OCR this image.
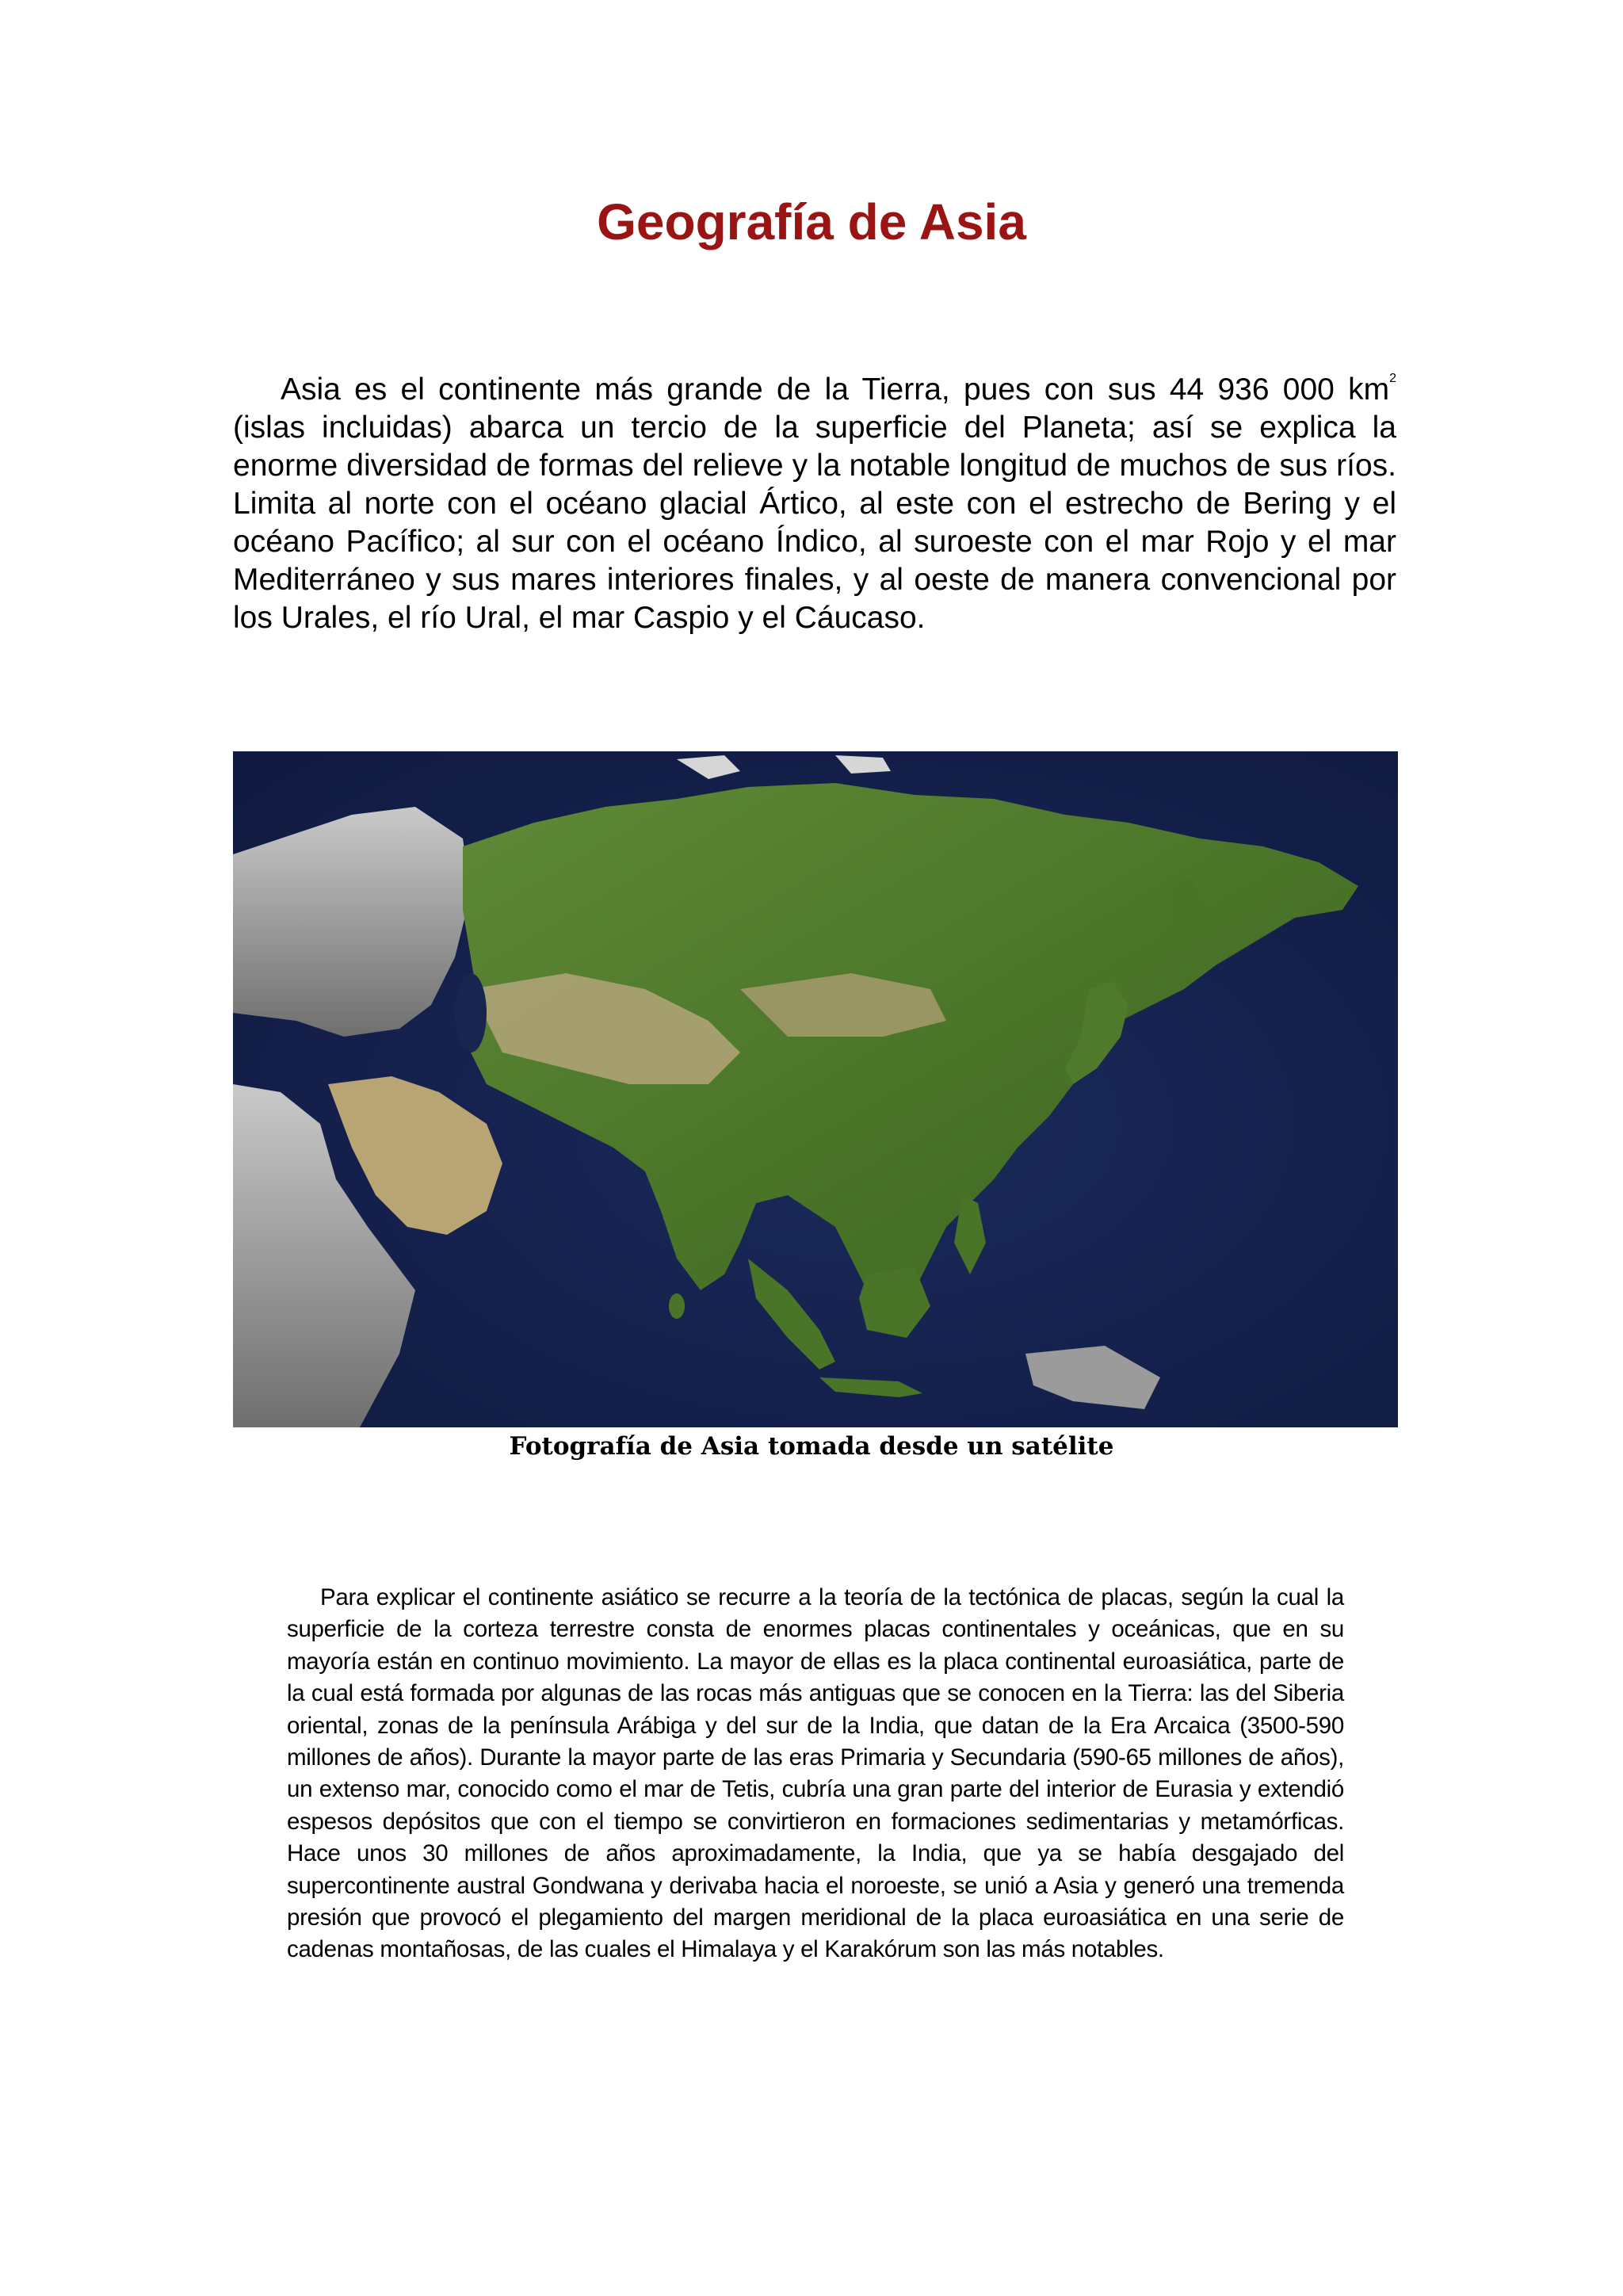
Geografía de Asia

Asia es el continente más grande de la Tierra, pues con sus 44 936 000 $km^2$ (islas incluidas) abarca un tercio de la superficie del Planeta; así se explica la enorme diversidad de formas del relieve y la notable longitud de muchos de sus ríos. Limita al norte con el océano glacial Ártico, al este con el estrecho de Bering y el océano Pacífico; al sur con el océano Índico, al suroeste con el mar Rojo y el mar Mediterráneo y sus mares interiores finales, y al oeste de manera convencional por los Urales, el río Ural, el mar Caspio y el Cáucaso.

Fotografía de Asia tomada desde un satélite

Para explicar el continente asiático se recurre a la teoría de la tectónica de placas, según la cual la superficie de la corteza terrestre consta de enormes placas continentales y oceánicas, que en su mayoría están en continuo movimiento. La mayor de ellas es la placa continental euroasiática, parte de la cual está formada por algunas de las rocas más antiguas que se conocen en la Tierra: las del Siberia oriental, zonas de la península Arábiga y del sur de la India, que datan de la Era Arcaica (3500-590 millones de años). Durante la mayor parte de las eras Primaria y Secundaria (590-65 millones de años), un extenso mar, conocido como el mar de Tetis, cubría una gran parte del interior de Eurasia y extendió espesos depósitos que con el tiempo se convirtieron en formaciones sedimentarias y metamórficas. Hace unos 30 millones de años aproximadamente, la India, que ya se había desgajado del supercontinente austral Gondwana y derivaba hacia el noroeste, se unió a Asia y generó una tremenda presión que provocó el plegamiento del margen meridional de la placa euroasiática en una serie de cadenas montañosas, de las cuales el Himalaya y el Karakórum son las más notables.
